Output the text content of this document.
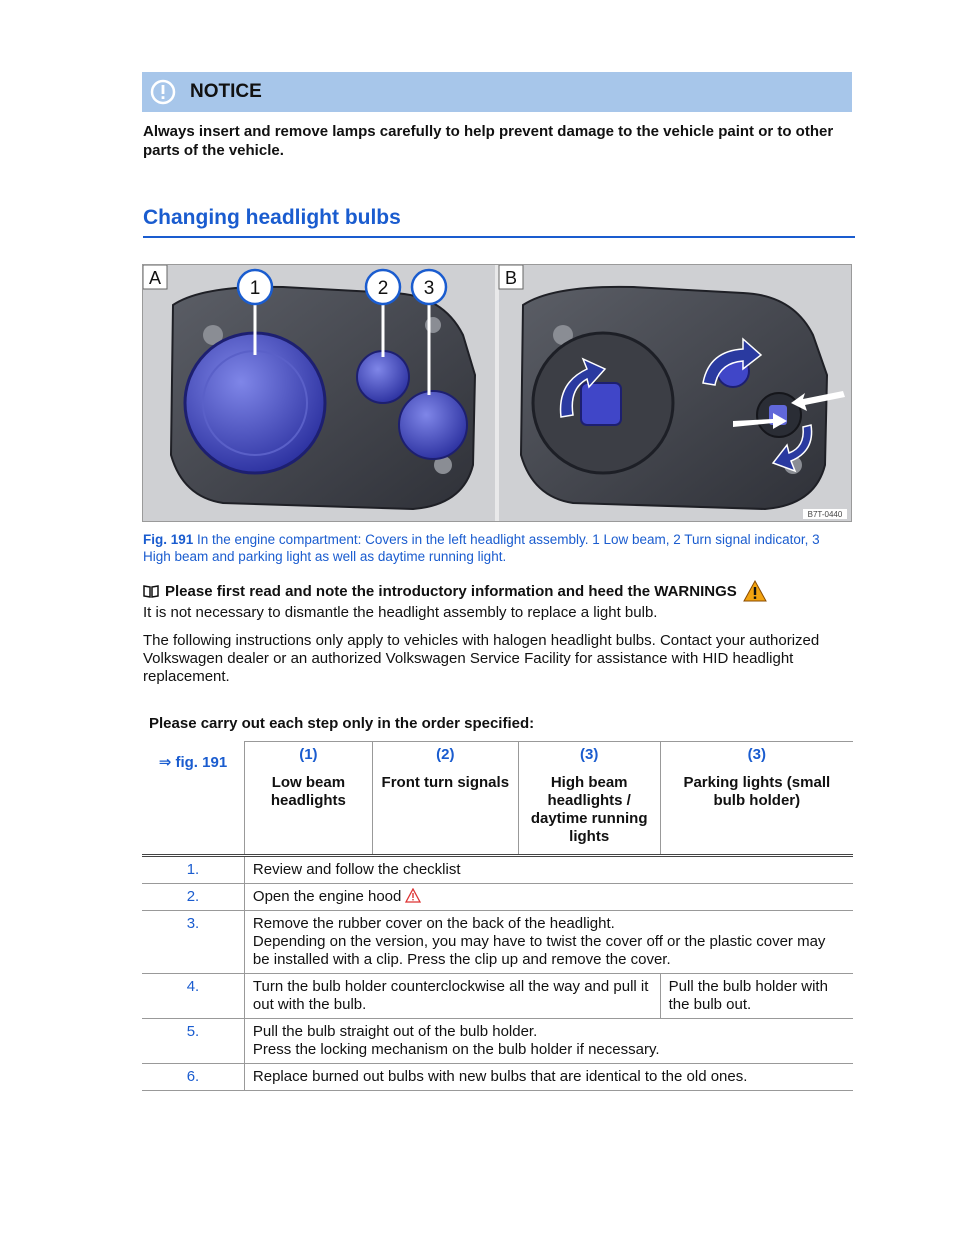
NOTICE
Always insert and remove lamps carefully to help prevent damage to the vehicle paint or to other parts of the vehicle.
Changing headlight bulbs
1	2 3
A	B
B7T-0440
Fig. 191 In the engine compartment: Covers in the left headlight assembly. 1 Low beam, 2 Turn signal indicator, 3 High beam and parking light as well as daytime running light.
Please first read and note the introductory information and heed the WARNINGS
It is not necessary to dismantle the headlight assembly to replace a light bulb.
The following instructions only apply to vehicles with halogen headlight bulbs. Contact your authorized Volkswagen dealer or an authorized Volkswagen Service Facility for assistance with HID headlight replacement.
Please carry out each step only in the order specified:
⇒ fig. 191	(1)	(2)	(3)	(3)
	Low beam headlights	Front turn signals	High beam headlights / daytime running lights	Parking lights (small bulb holder)
1.	Review and follow the checklist			
2.	Open the engine hood			
3.	Remove the rubber cover on the back of the headlight.
Depending on the version, you may have to twist the cover off or the plastic cover may be installed with a clip. Press the clip up and remove the cover.			

4.	Turn the bulb holder counterclockwise all the way and pull it out with the bulb.			Pull the bulb holder with the bulb out.
5.	Pull the bulb straight out of the bulb holder.
Press the locking mechanism on the bulb holder if necessary.			

6.	Replace burned out bulbs with new bulbs that are identical to the old ones.			
